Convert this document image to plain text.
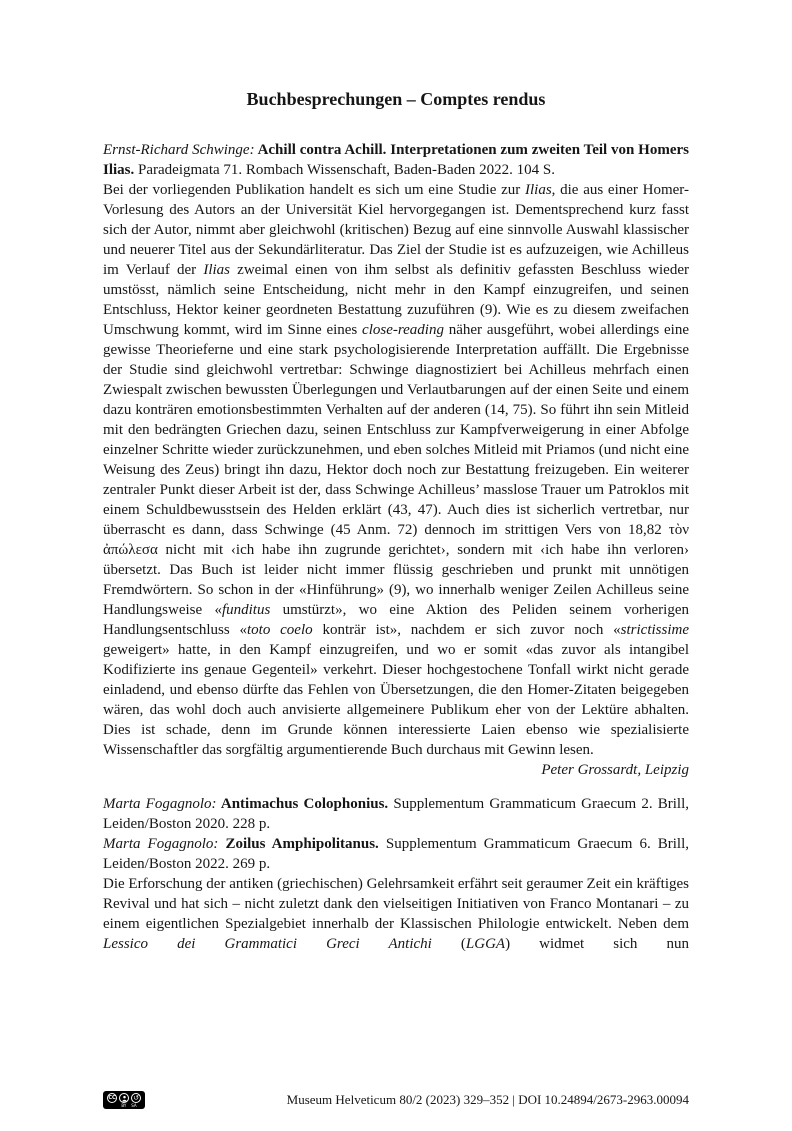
Buchbesprechungen – Comptes rendus

Ernst-Richard Schwinge: Achill contra Achill. Interpretationen zum zweiten Teil von Homers Ilias. Paradeigmata 71. Rombach Wissenschaft, Baden-Baden 2022. 104 S.

Bei der vorliegenden Publikation handelt es sich um eine Studie zur Ilias, die aus einer Homer-Vorlesung des Autors an der Universität Kiel hervorgegangen ist. Dementsprechend kurz fasst sich der Autor, nimmt aber gleichwohl (kritischen) Bezug auf eine sinnvolle Auswahl klassischer und neuerer Titel aus der Sekundärliteratur. Das Ziel der Studie ist es aufzuzeigen, wie Achilleus im Verlauf der Ilias zweimal einen von ihm selbst als definitiv gefassten Beschluss wieder umstösst, nämlich seine Entscheidung, nicht mehr in den Kampf einzugreifen, und seinen Entschluss, Hektor keiner geordneten Bestattung zuzuführen (9). Wie es zu diesem zweifachen Umschwung kommt, wird im Sinne eines close-reading näher ausgeführt, wobei allerdings eine gewisse Theorieferne und eine stark psychologisierende Interpretation auffällt. Die Ergebnisse der Studie sind gleichwohl vertretbar: Schwinge diagnostiziert bei Achilleus mehrfach einen Zwiespalt zwischen bewussten Überlegungen und Verlautbarungen auf der einen Seite und einem dazu konträren emotionsbestimmten Verhalten auf der anderen (14, 75). So führt ihn sein Mitleid mit den bedrängten Griechen dazu, seinen Entschluss zur Kampfverweigerung in einer Abfolge einzelner Schritte wieder zurückzunehmen, und eben solches Mitleid mit Priamos (und nicht eine Weisung des Zeus) bringt ihn dazu, Hektor doch noch zur Bestattung freizugeben. Ein weiterer zentraler Punkt dieser Arbeit ist der, dass Schwinge Achilleus’ masslose Trauer um Patroklos mit einem Schuldbewusstsein des Helden erklärt (43, 47). Auch dies ist sicherlich vertretbar, nur überrascht es dann, dass Schwinge (45 Anm. 72) dennoch im strittigen Vers von 18,82 τὸν ἀπώλεσα nicht mit ‹ich habe ihn zugrunde gerichtet›, sondern mit ‹ich habe ihn verloren› übersetzt. Das Buch ist leider nicht immer flüssig geschrieben und prunkt mit unnötigen Fremdwörtern. So schon in der «Hinführung» (9), wo innerhalb weniger Zeilen Achilleus seine Handlungsweise «funditus umstürzt», wo eine Aktion des Peliden seinem vorherigen Handlungsentschluss «toto coelo konträr ist», nachdem er sich zuvor noch «strictissime geweigert» hatte, in den Kampf einzugreifen, und wo er somit «das zuvor als intangibel Kodifizierte ins genaue Gegenteil» verkehrt. Dieser hochgestochene Tonfall wirkt nicht gerade einladend, und ebenso dürfte das Fehlen von Übersetzungen, die den Homer-Zitaten beigegeben wären, das wohl doch auch anvisierte allgemeinere Publikum eher von der Lektüre abhalten. Dies ist schade, denn im Grunde können interessierte Laien ebenso wie spezialisierte Wissenschaftler das sorgfältig argumentierende Buch durchaus mit Gewinn lesen.

Peter Grossardt, Leipzig

Marta Fogagnolo: Antimachus Colophonius. Supplementum Grammaticum Graecum 2. Brill, Leiden/Boston 2020. 228 p.

Marta Fogagnolo: Zoilus Amphipolitanus. Supplementum Grammaticum Graecum 6. Brill, Leiden/Boston 2022. 269 p.

Die Erforschung der antiken (griechischen) Gelehrsamkeit erfährt seit geraumer Zeit ein kräftiges Revival und hat sich – nicht zuletzt dank den vielseitigen Initiativen von Franco Montanari – zu einem eigentlichen Spezialgebiet innerhalb der Klassischen Philologie entwickelt. Neben dem Lessico dei Grammatici Greci Antichi (LGGA) widmet sich nun

CC ↺
BY SA	Museum Helveticum 80/2 (2023) 329–352 | DOI 10.24894/2673-2963.00094
